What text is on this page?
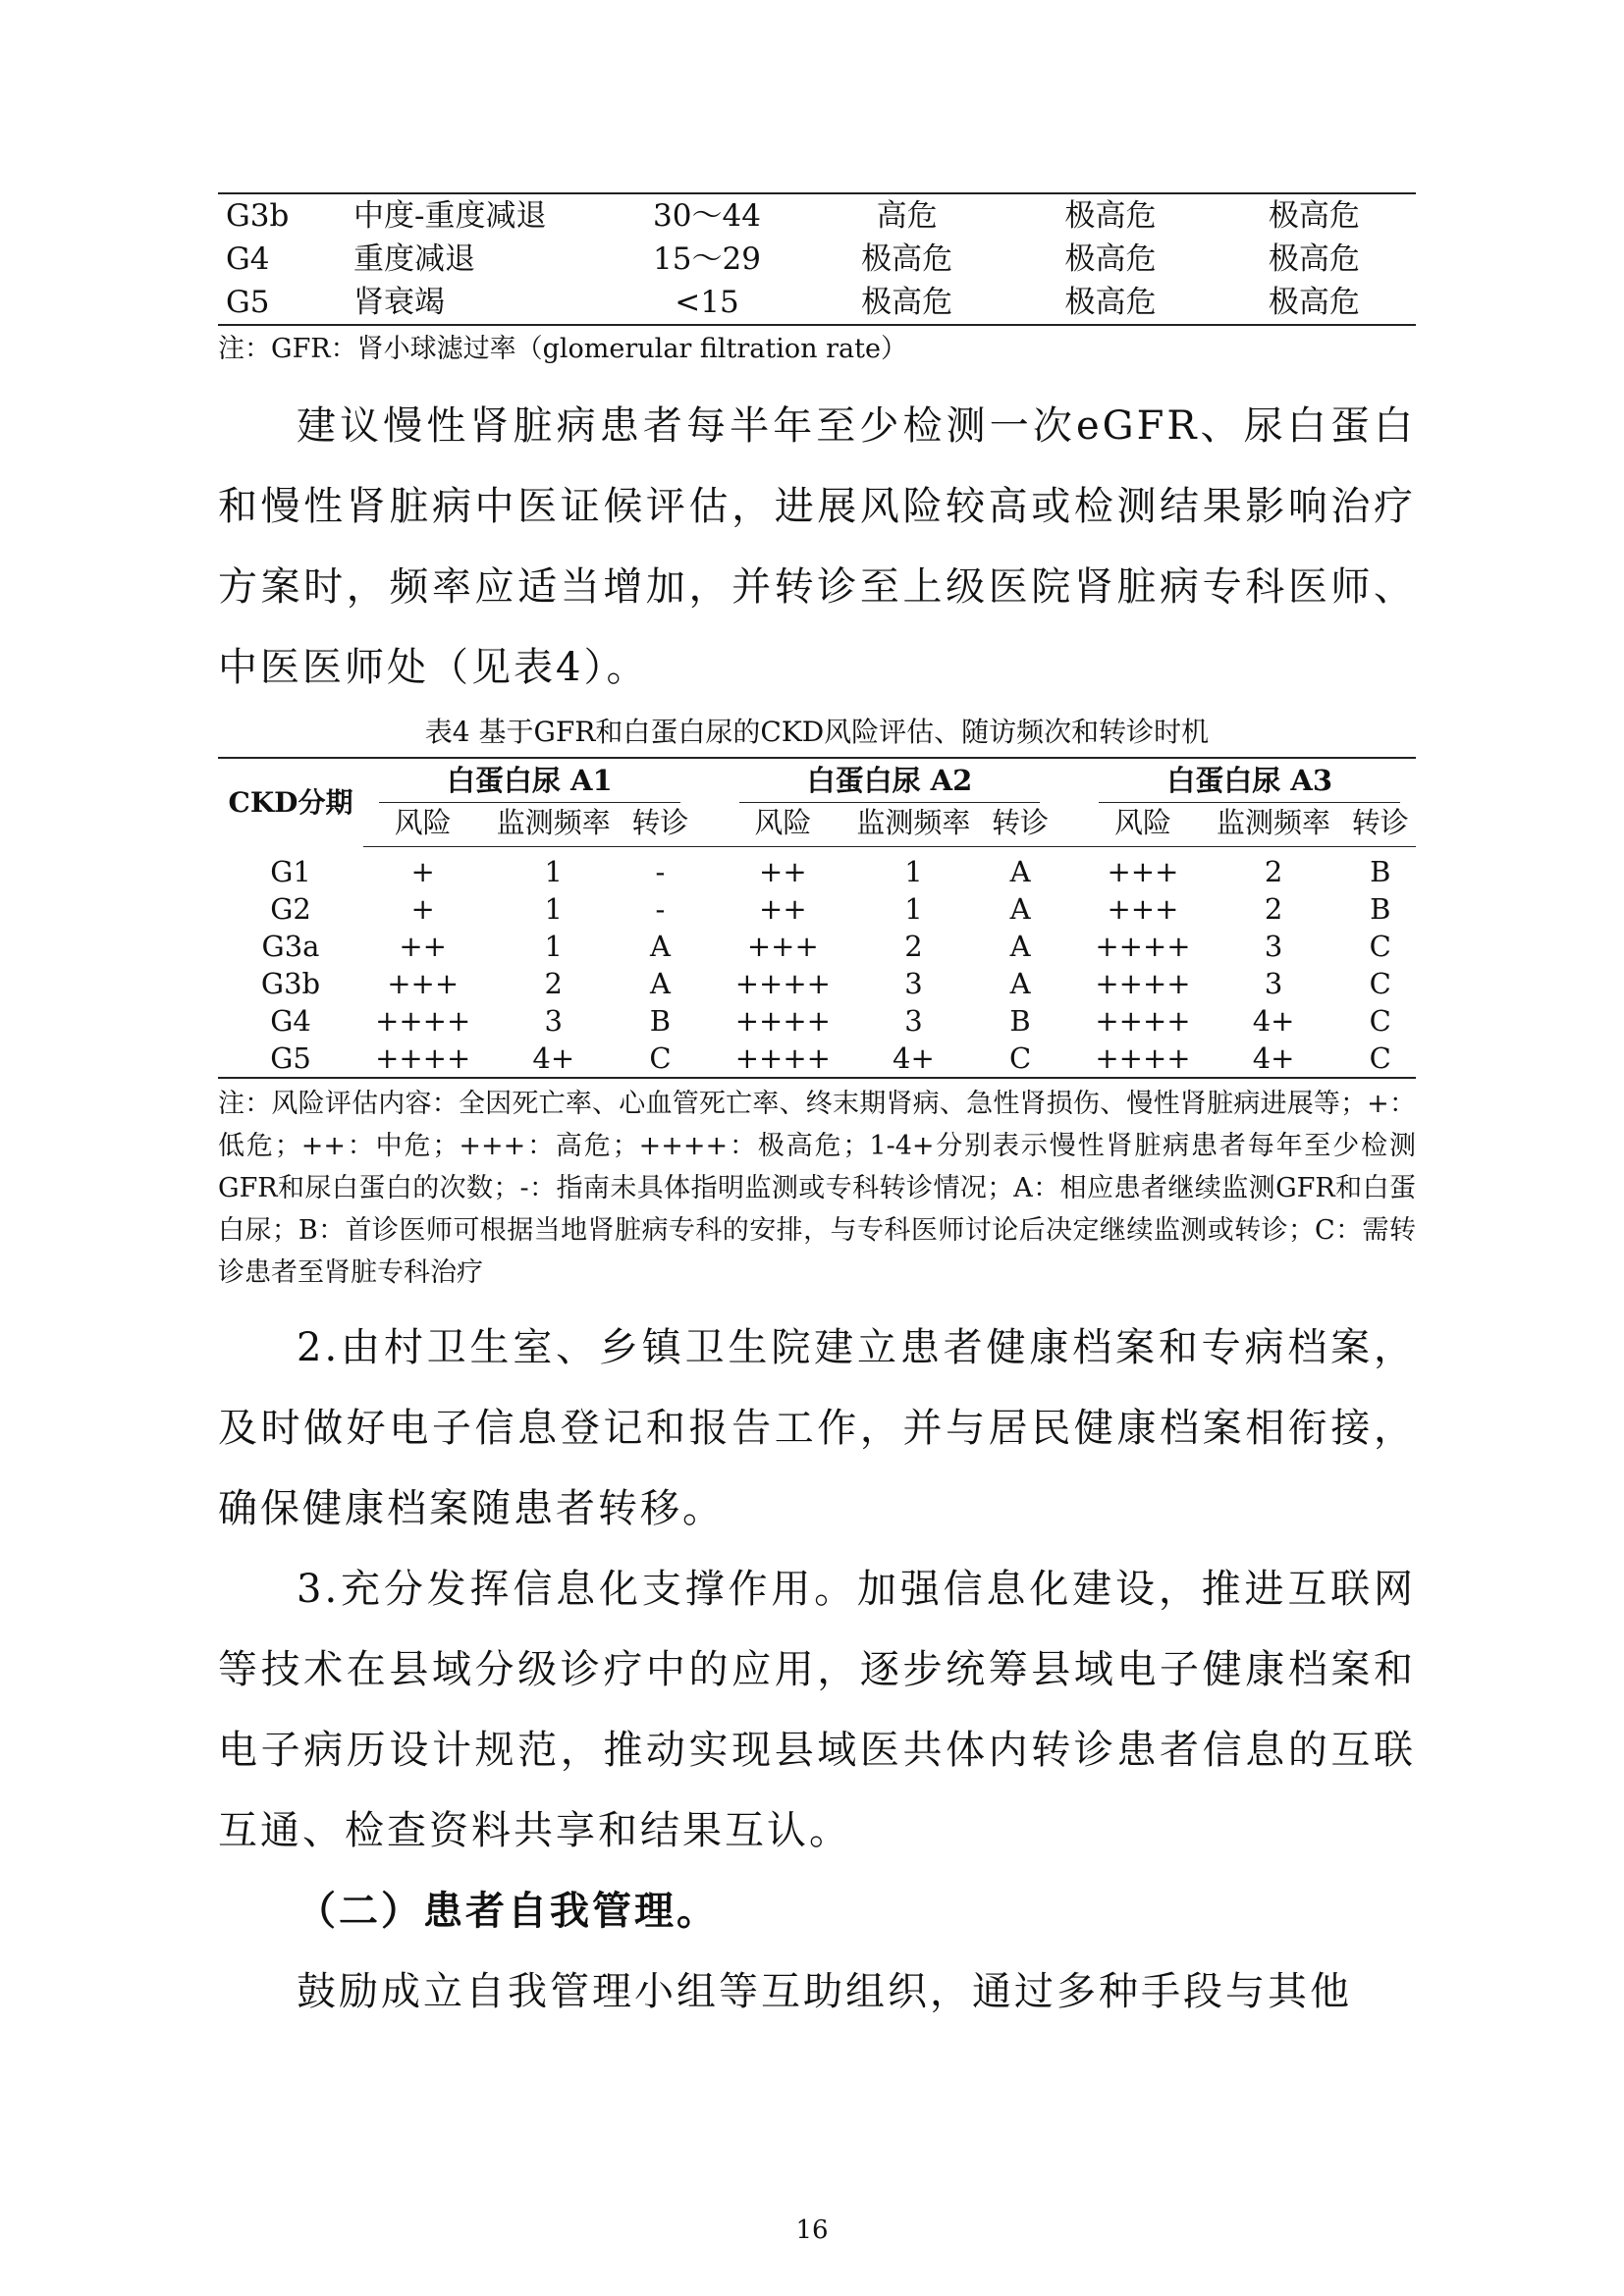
G3b	中度-重度减退	30～44	高危	极高危	极高危
G4	重度减退	15～29	极高危	极高危	极高危
G5	肾衰竭	<15	极高危	极高危	极高危

注：GFR：肾小球滤过率（glomerular filtration rate）

建议慢性肾脏病患者每半年至少检测一次eGFR、尿白蛋白和慢性肾脏病中医证候评估，进展风险较高或检测结果影响治疗方案时，频率应适当增加，并转诊至上级医院肾脏病专科医师、中医医师处（见表4）。

表4 基于GFR和白蛋白尿的CKD风险评估、随访频次和转诊时机

CKD分期	白蛋白尿 A1				白蛋白尿 A2				白蛋白尿 A3		

	风险	监测频率	转诊		风险	监测频率	转诊		风险	监测频率	转诊
G1	+	1	-		++	1	A		+++	2	B
G2	+	1	-		++	1	A		+++	2	B
G3a	++	1	A		+++	2	A		++++	3	C
G3b	+++	2	A		++++	3	A		++++	3	C
G4	++++	3	B		++++	3	B		++++	4+	C
G5	++++	4+	C		++++	4+	C		++++	4+	C

注：风险评估内容：全因死亡率、心血管死亡率、终末期肾病、急性肾损伤、慢性肾脏病进展等；+：低危；++：中危；+++：高危；++++：极高危；1-4+分别表示慢性肾脏病患者每年至少检测GFR和尿白蛋白的次数；-：指南未具体指明监测或专科转诊情况；A：相应患者继续监测GFR和白蛋白尿；B：首诊医师可根据当地肾脏病专科的安排，与专科医师讨论后决定继续监测或转诊；C：需转诊患者至肾脏专科治疗

2.由村卫生室、乡镇卫生院建立患者健康档案和专病档案，及时做好电子信息登记和报告工作，并与居民健康档案相衔接，确保健康档案随患者转移。

3.充分发挥信息化支撑作用。加强信息化建设，推进互联网等技术在县域分级诊疗中的应用，逐步统筹县域电子健康档案和电子病历设计规范，推动实现县域医共体内转诊患者信息的互联互通、检查资料共享和结果互认。

（二）患者自我管理。

鼓励成立自我管理小组等互助组织，通过多种手段与其他

16
